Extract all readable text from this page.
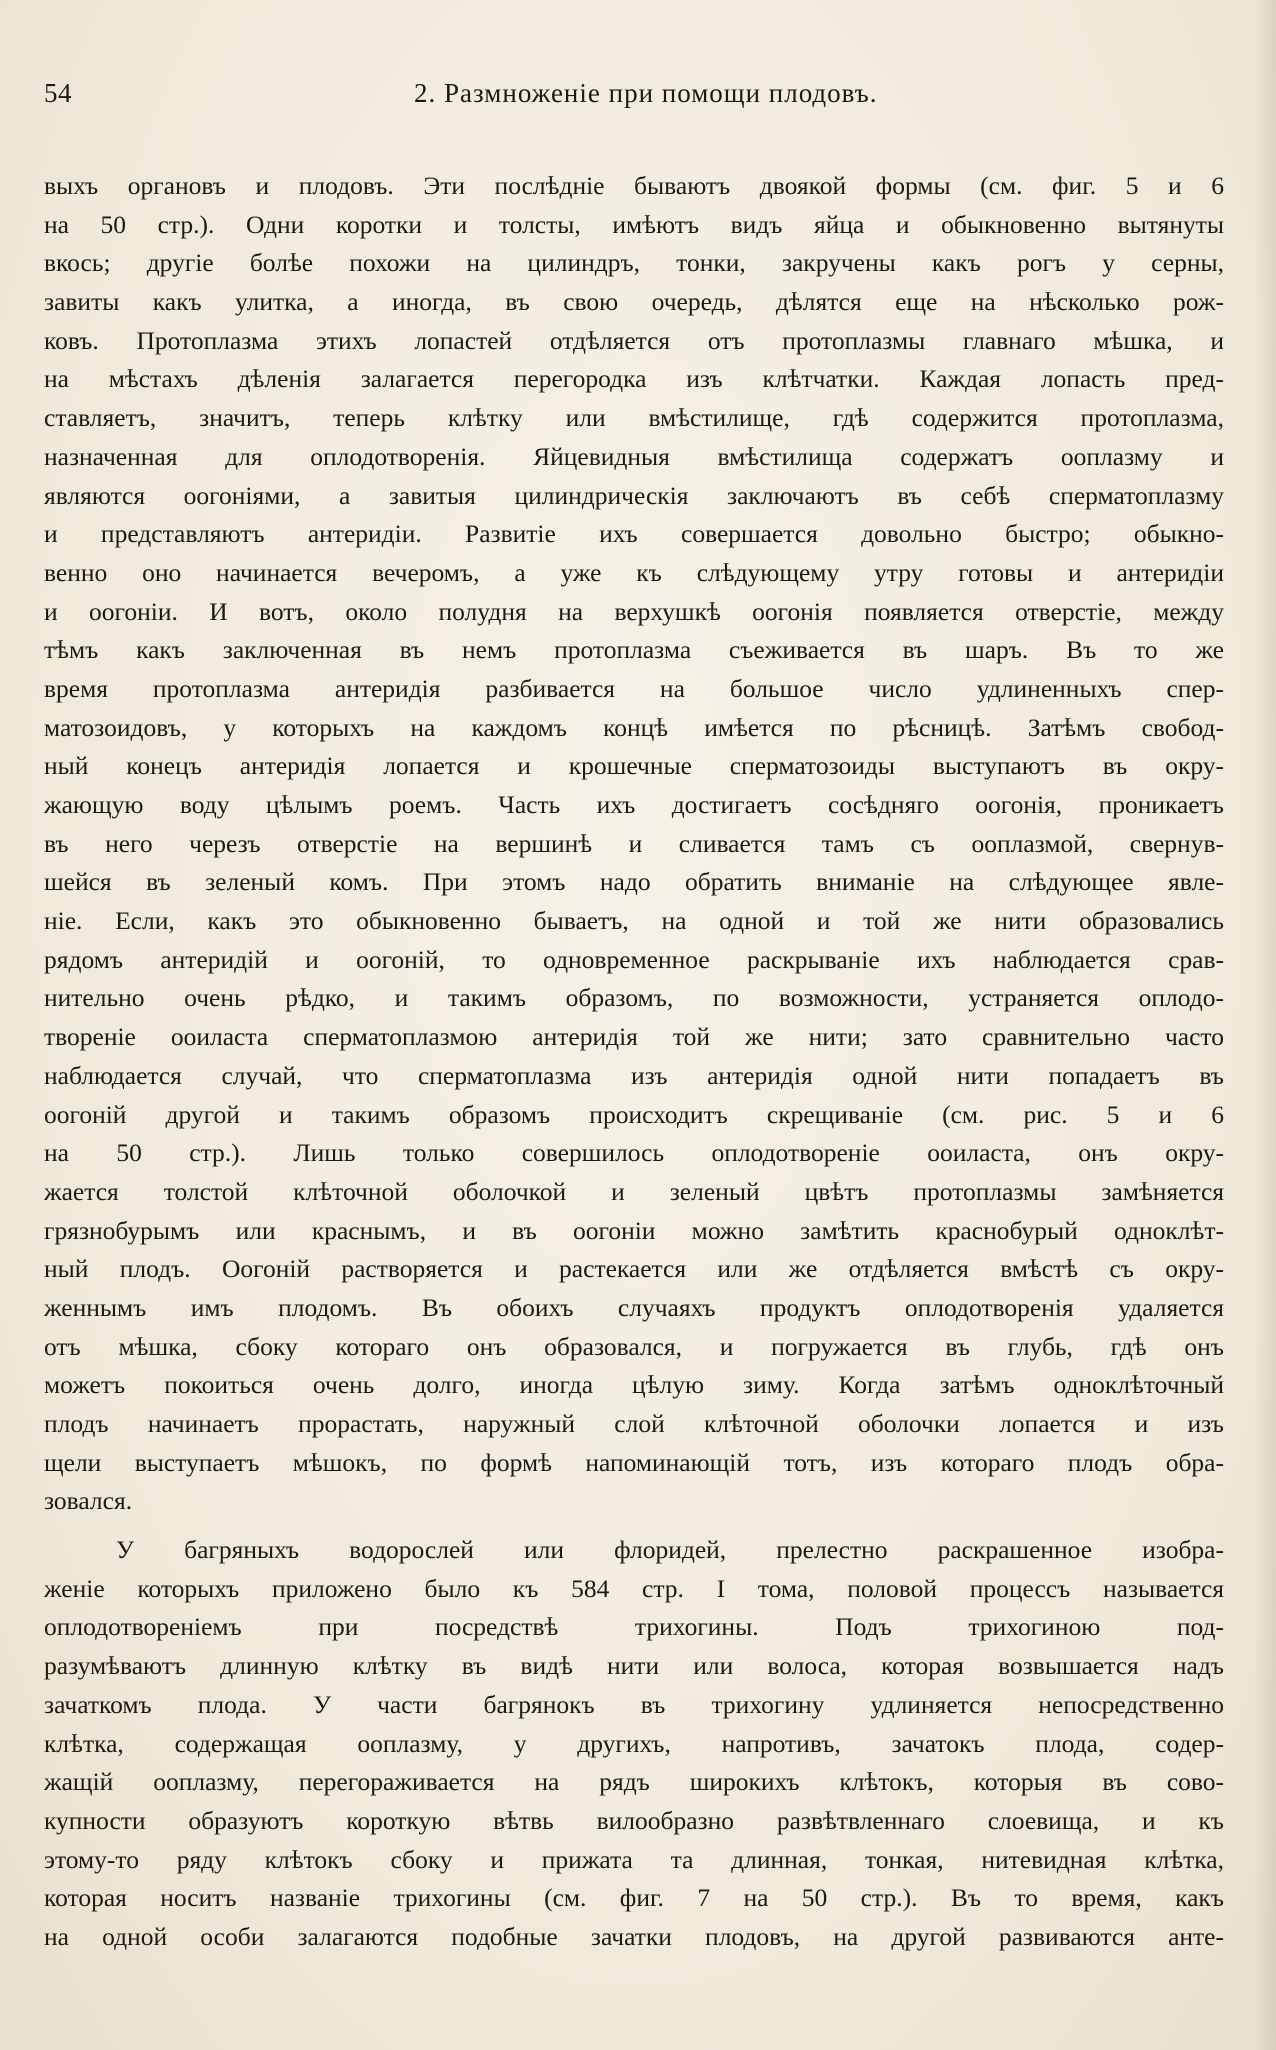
54	2. Размноженіе при помощи плодовъ.
выхъ органовъ и плодовъ. Эти послѣдніе бываютъ двоякой формы (см. фиг. 5 и 6
на 50 стр.). Одни коротки и толсты, имѣютъ видъ яйца и обыкновенно вытянуты
вкось; другіе болѣе похожи на цилиндръ, тонки, закручены какъ рогъ у серны,
завиты какъ улитка, а иногда, въ свою очередь, дѣлятся еще на нѣсколько рож-
ковъ. Протоплазма этихъ лопастей отдѣляется отъ протоплазмы главнаго мѣшка, и
на мѣстахъ дѣленія залагается перегородка изъ клѣтчатки. Каждая лопасть пред-
ставляетъ, значитъ, теперь клѣтку или вмѣстилище, гдѣ содержится протоплазма,
назначенная для оплодотворенія. Яйцевидныя вмѣстилища содержатъ ооплазму и
являются оогоніями, а завитыя цилиндрическія заключаютъ въ себѣ сперматоплазму
и представляютъ антеридіи. Развитіе ихъ совершается довольно быстро; обыкно-
венно оно начинается вечеромъ, а уже къ слѣдующему утру готовы и антеридіи
и оогоніи. И вотъ, около полудня на верхушкѣ оогонія появляется отверстіе, между
тѣмъ какъ заключенная въ немъ протоплазма съеживается въ шаръ. Въ то же
время протоплазма антеридія разбивается на большое число удлиненныхъ спер-
матозоидовъ, у которыхъ на каждомъ концѣ имѣется по рѣсницѣ. Затѣмъ свобод-
ный конецъ антеридія лопается и крошечные сперматозоиды выступаютъ въ окру-
жающую воду цѣлымъ роемъ. Часть ихъ достигаетъ сосѣдняго оогонія, проникаетъ
въ него черезъ отверстіе на вершинѣ и сливается тамъ съ ооплазмой, свернув-
шейся въ зеленый комъ. При этомъ надо обратить вниманіе на слѣдующее явле-
ніе. Если, какъ это обыкновенно бываетъ, на одной и той же нити образовались
рядомъ антеридій и оогоній, то одновременное раскрываніе ихъ наблюдается срав-
нительно очень рѣдко, и такимъ образомъ, по возможности, устраняется оплодо-
твореніе ооиласта сперматоплазмою антеридія той же нити; зато сравнительно часто
наблюдается случай, что сперматоплазма изъ антеридія одной нити попадаетъ въ
оогоній другой и такимъ образомъ происходитъ скрещиваніе (см. рис. 5 и 6
на 50 стр.). Лишь только совершилось оплодотвореніе ооиласта, онъ окру-
жается толстой клѣточной оболочкой и зеленый цвѣтъ протоплазмы замѣняется
грязнобурымъ или краснымъ, и въ оогоніи можно замѣтить краснобурый одноклѣт-
ный плодъ. Оогоній растворяется и растекается или же отдѣляется вмѣстѣ съ окру-
женнымъ имъ плодомъ. Въ обоихъ случаяхъ продуктъ оплодотворенія удаляется
отъ мѣшка, сбоку котораго онъ образовался, и погружается въ глубь, гдѣ онъ
можетъ покоиться очень долго, иногда цѣлую зиму. Когда затѣмъ одноклѣточный
плодъ начинаетъ прорастать, наружный слой клѣточной оболочки лопается и изъ
щели выступаетъ мѣшокъ, по формѣ напоминающій тотъ, изъ котораго плодъ обра-
зовался.
У багряныхъ водорослей или флоридей, прелестно раскрашенное изобра-
женіе которыхъ приложено было къ 584 стр. I тома, половой процессъ называется
оплодотвореніемъ при посредствѣ трихогины. Подъ трихогиною под-
разумѣваютъ длинную клѣтку въ видѣ нити или волоса, которая возвышается надъ
зачаткомъ плода. У части багрянокъ въ трихогину удлиняется непосредственно
клѣтка, содержащая ооплазму, у другихъ, напротивъ, зачатокъ плода, содер-
жащій ооплазму, перегораживается на рядъ широкихъ клѣтокъ, которыя въ сово-
купности образуютъ короткую вѣтвь вилообразно развѣтвленнаго слоевища, и къ
этому-то ряду клѣтокъ сбоку и прижата та длинная, тонкая, нитевидная клѣтка,
которая носитъ названіе трихогины (см. фиг. 7 на 50 стр.). Въ то время, какъ
на одной особи залагаются подобные зачатки плодовъ, на другой развиваются анте-
